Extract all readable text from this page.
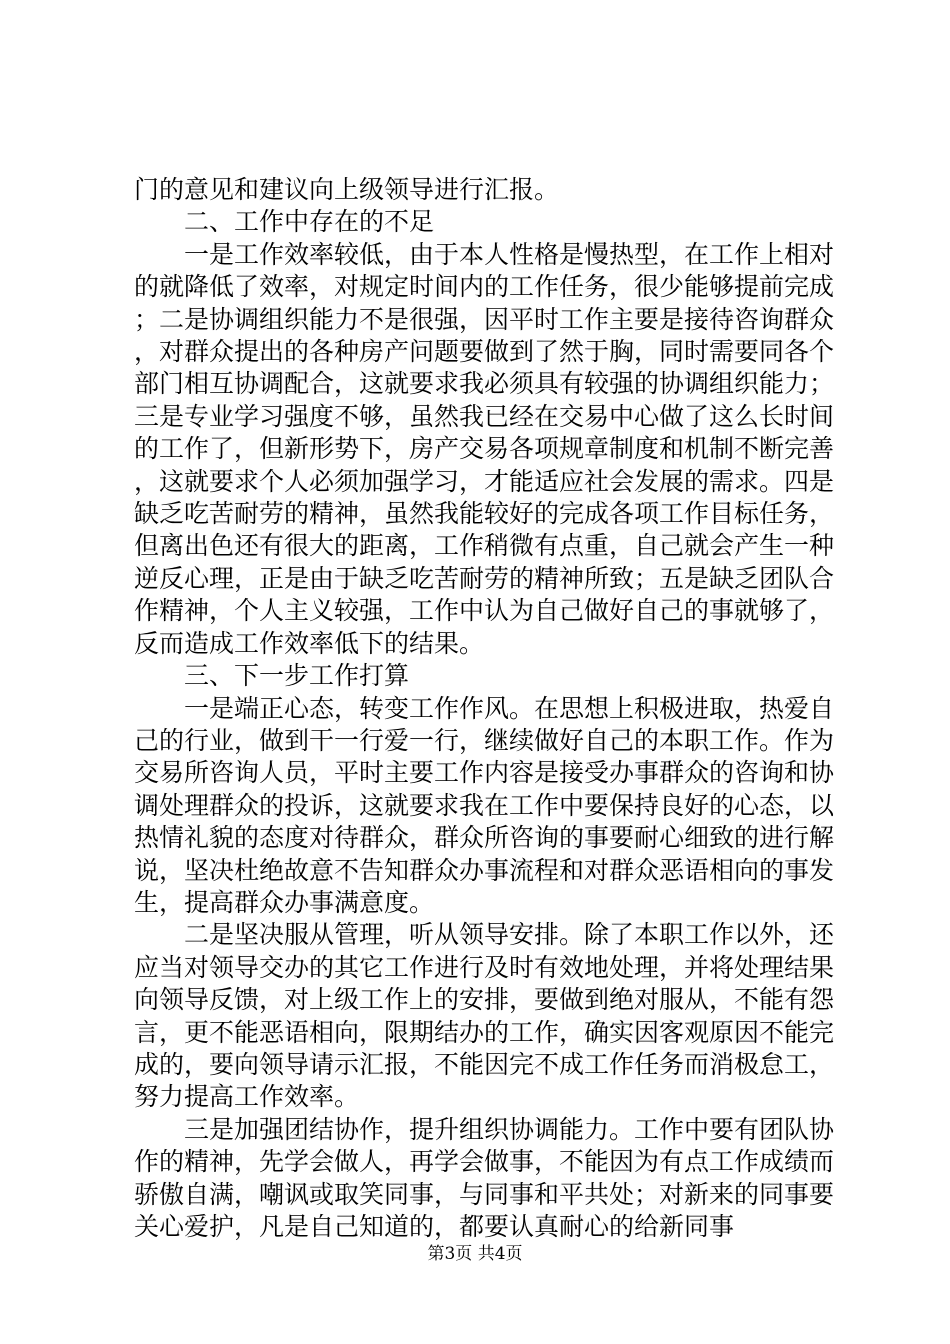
门的意见和建议向上级领导进行汇报。

二、工作中存在的不足

一是工作效率较低，由于本人性格是慢热型，在工作上相对的就降低了效率，对规定时间内的工作任务，很少能够提前完成；二是协调组织能力不是很强，因平时工作主要是接待咨询群众，对群众提出的各种房产问题要做到了然于胸，同时需要同各个部门相互协调配合，这就要求我必须具有较强的协调组织能力；三是专业学习强度不够，虽然我已经在交易中心做了这么长时间的工作了，但新形势下，房产交易各项规章制度和机制不断完善，这就要求个人必须加强学习，才能适应社会发展的需求。四是缺乏吃苦耐劳的精神，虽然我能较好的完成各项工作目标任务，但离出色还有很大的距离，工作稍微有点重，自己就会产生一种逆反心理，正是由于缺乏吃苦耐劳的精神所致；五是缺乏团队合作精神，个人主义较强，工作中认为自己做好自己的事就够了，反而造成工作效率低下的结果。

三、下一步工作打算

一是端正心态，转变工作作风。在思想上积极进取，热爱自己的行业，做到干一行爱一行，继续做好自己的本职工作。作为交易所咨询人员，平时主要工作内容是接受办事群众的咨询和协调处理群众的投诉，这就要求我在工作中要保持良好的心态，以热情礼貌的态度对待群众，群众所咨询的事要耐心细致的进行解说，坚决杜绝故意不告知群众办事流程和对群众恶语相向的事发生，提高群众办事满意度。

二是坚决服从管理，听从领导安排。除了本职工作以外，还应当对领导交办的其它工作进行及时有效地处理，并将处理结果向领导反馈，对上级工作上的安排，要做到绝对服从，不能有怨言，更不能恶语相向，限期结办的工作，确实因客观原因不能完成的，要向领导请示汇报，不能因完不成工作任务而消极怠工，努力提高工作效率。

三是加强团结协作，提升组织协调能力。工作中要有团队协作的精神，先学会做人，再学会做事，不能因为有点工作成绩而骄傲自满，嘲讽或取笑同事，与同事和平共处；对新来的同事要关心爱护，凡是自己知道的，都要认真耐心的给新同事

第3页 共4页
